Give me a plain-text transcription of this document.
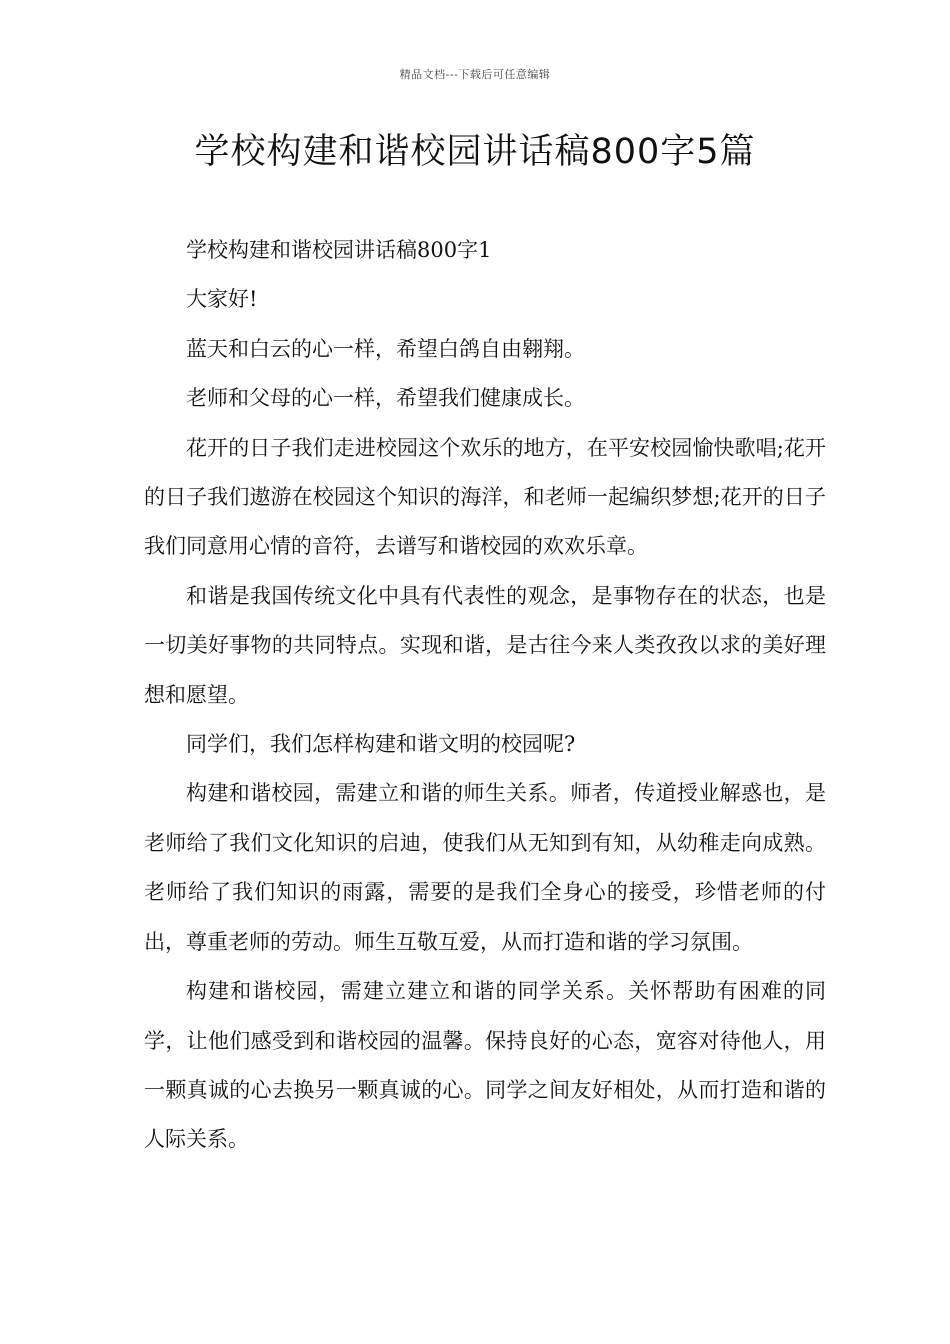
精品文档---下载后可任意编辑
学校构建和谐校园讲话稿800字5篇

学校构建和谐校园讲话稿800字1

大家好!

蓝天和白云的心一样，希望白鸽自由翱翔。

老师和父母的心一样，希望我们健康成长。

花开的日子我们走进校园这个欢乐的地方，在平安校园愉快歌唱;花开的日子我们遨游在校园这个知识的海洋，和老师一起编织梦想;花开的日子我们同意用心情的音符，去谱写和谐校园的欢欢乐章。

和谐是我国传统文化中具有代表性的观念，是事物存在的状态，也是一切美好事物的共同特点。实现和谐，是古往今来人类孜孜以求的美好理想和愿望。

同学们，我们怎样构建和谐文明的校园呢?

构建和谐校园，需建立和谐的师生关系。师者，传道授业解惑也，是老师给了我们文化知识的启迪，使我们从无知到有知，从幼稚走向成熟。老师给了我们知识的雨露，需要的是我们全身心的接受，珍惜老师的付出，尊重老师的劳动。师生互敬互爱，从而打造和谐的学习氛围。

构建和谐校园，需建立建立和谐的同学关系。关怀帮助有困难的同学，让他们感受到和谐校园的温馨。保持良好的心态，宽容对待他人，用一颗真诚的心去换另一颗真诚的心。同学之间友好相处，从而打造和谐的人际关系。
